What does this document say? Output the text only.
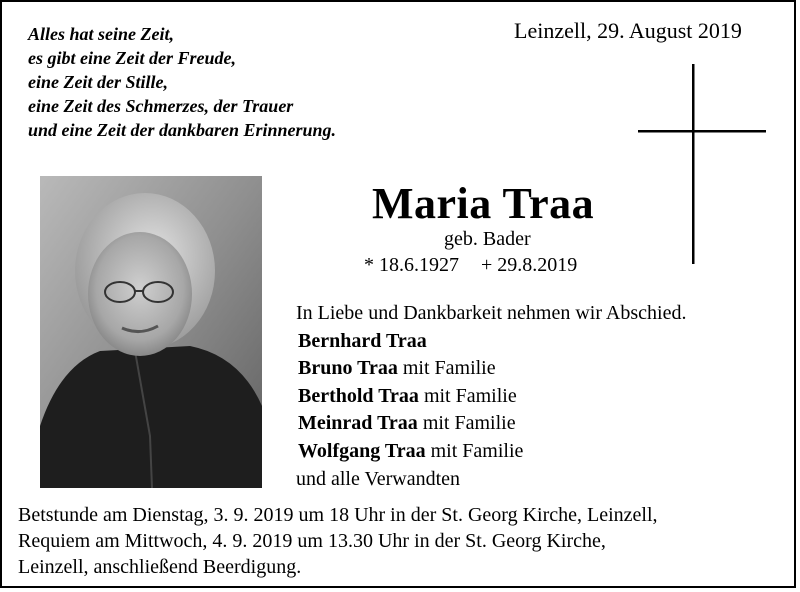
Alles hat seine Zeit,
es gibt eine Zeit der Freude,
eine Zeit der Stille,
eine Zeit des Schmerzes, der Trauer
und eine Zeit der dankbaren Erinnerung.
Leinzell, 29. August 2019
Maria Traa
geb. Bader
* 18.6.1927 + 29.8.2019
In Liebe und Dankbarkeit nehmen wir Abschied.
Bernhard Traa
Bruno Traa mit Familie
Berthold Traa mit Familie
Meinrad Traa mit Familie
Wolfgang Traa mit Familie
und alle Verwandten
Betstunde am Dienstag, 3. 9. 2019 um 18 Uhr in der St. Georg Kirche, Leinzell,
Requiem am Mittwoch, 4. 9. 2019 um 13.30 Uhr in der St. Georg Kirche,
Leinzell, anschließend Beerdigung.
